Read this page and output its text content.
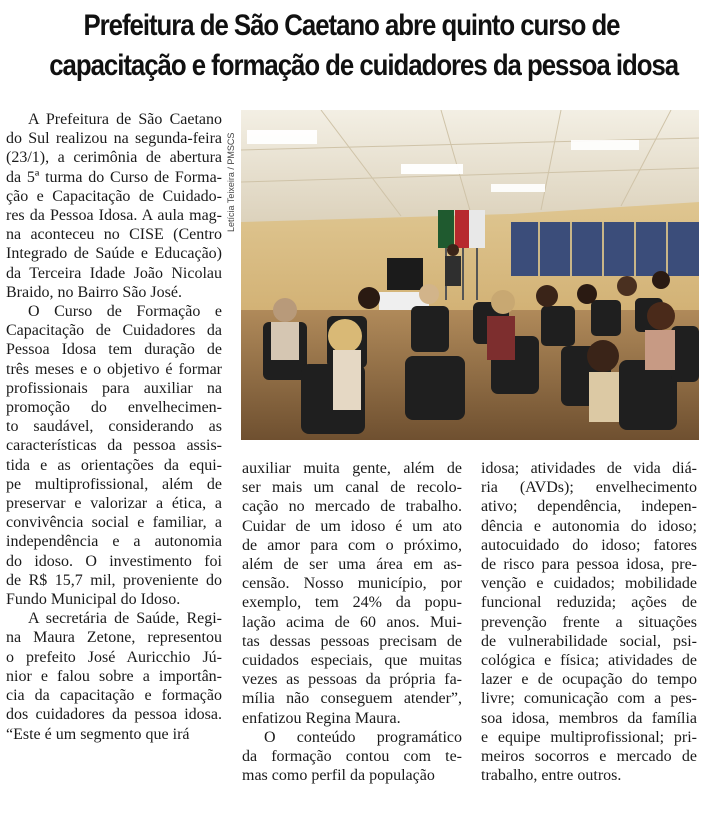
Prefeitura de São Caetano abre quinto curso de
capacitação e formação de cuidadores da pessoa idosa
A Prefeitura de São Caetano
do Sul realizou na segunda-feira
(23/1), a cerimônia de abertura
da 5ª turma do Curso de Forma-
ção e Capacitação de Cuidado-
res da Pessoa Idosa. A aula mag-
na aconteceu no CISE (Centro
Integrado de Saúde e Educação)
da Terceira Idade João Nicolau
Braido, no Bairro São José.
O Curso de Formação e
Capacitação de Cuidadores da
Pessoa Idosa tem duração de
três meses e o objetivo é formar
profissionais para auxiliar na
promoção do envelhecimen-
to saudável, considerando as
características da pessoa assis-
tida e as orientações da equi-
pe multiprofissional, além de
preservar e valorizar a ética, a
convivência social e familiar, a
independência e a autonomia
do idoso. O investimento foi
de R$ 15,7 mil, proveniente do
Fundo Municipal do Idoso.
A secretária de Saúde, Regi-
na Maura Zetone, representou
o prefeito José Auricchio Jú-
nior e falou sobre a importân-
cia da capacitação e formação
dos cuidadores da pessoa idosa.
“Este é um segmento que irá
Letícia Teixeira / PMSCS
auxiliar muita gente, além de
ser mais um canal de recolo-
cação no mercado de trabalho.
Cuidar de um idoso é um ato
de amor para com o próximo,
além de ser uma área em as-
censão. Nosso município, por
exemplo, tem 24% da popu-
lação acima de 60 anos. Mui-
tas dessas pessoas precisam de
cuidados especiais, que muitas
vezes as pessoas da própria fa-
mília não conseguem atender”,
enfatizou Regina Maura.
O conteúdo programático
da formação contou com te-
mas como perfil da população
idosa; atividades de vida diá-
ria (AVDs); envelhecimento
ativo; dependência, indepen-
dência e autonomia do idoso;
autocuidado do idoso; fatores
de risco para pessoa idosa, pre-
venção e cuidados; mobilidade
funcional reduzida; ações de
prevenção frente a situações
de vulnerabilidade social, psi-
cológica e física; atividades de
lazer e de ocupação do tempo
livre; comunicação com a pes-
soa idosa, membros da família
e equipe multiprofissional; pri-
meiros socorros e mercado de
trabalho, entre outros.
